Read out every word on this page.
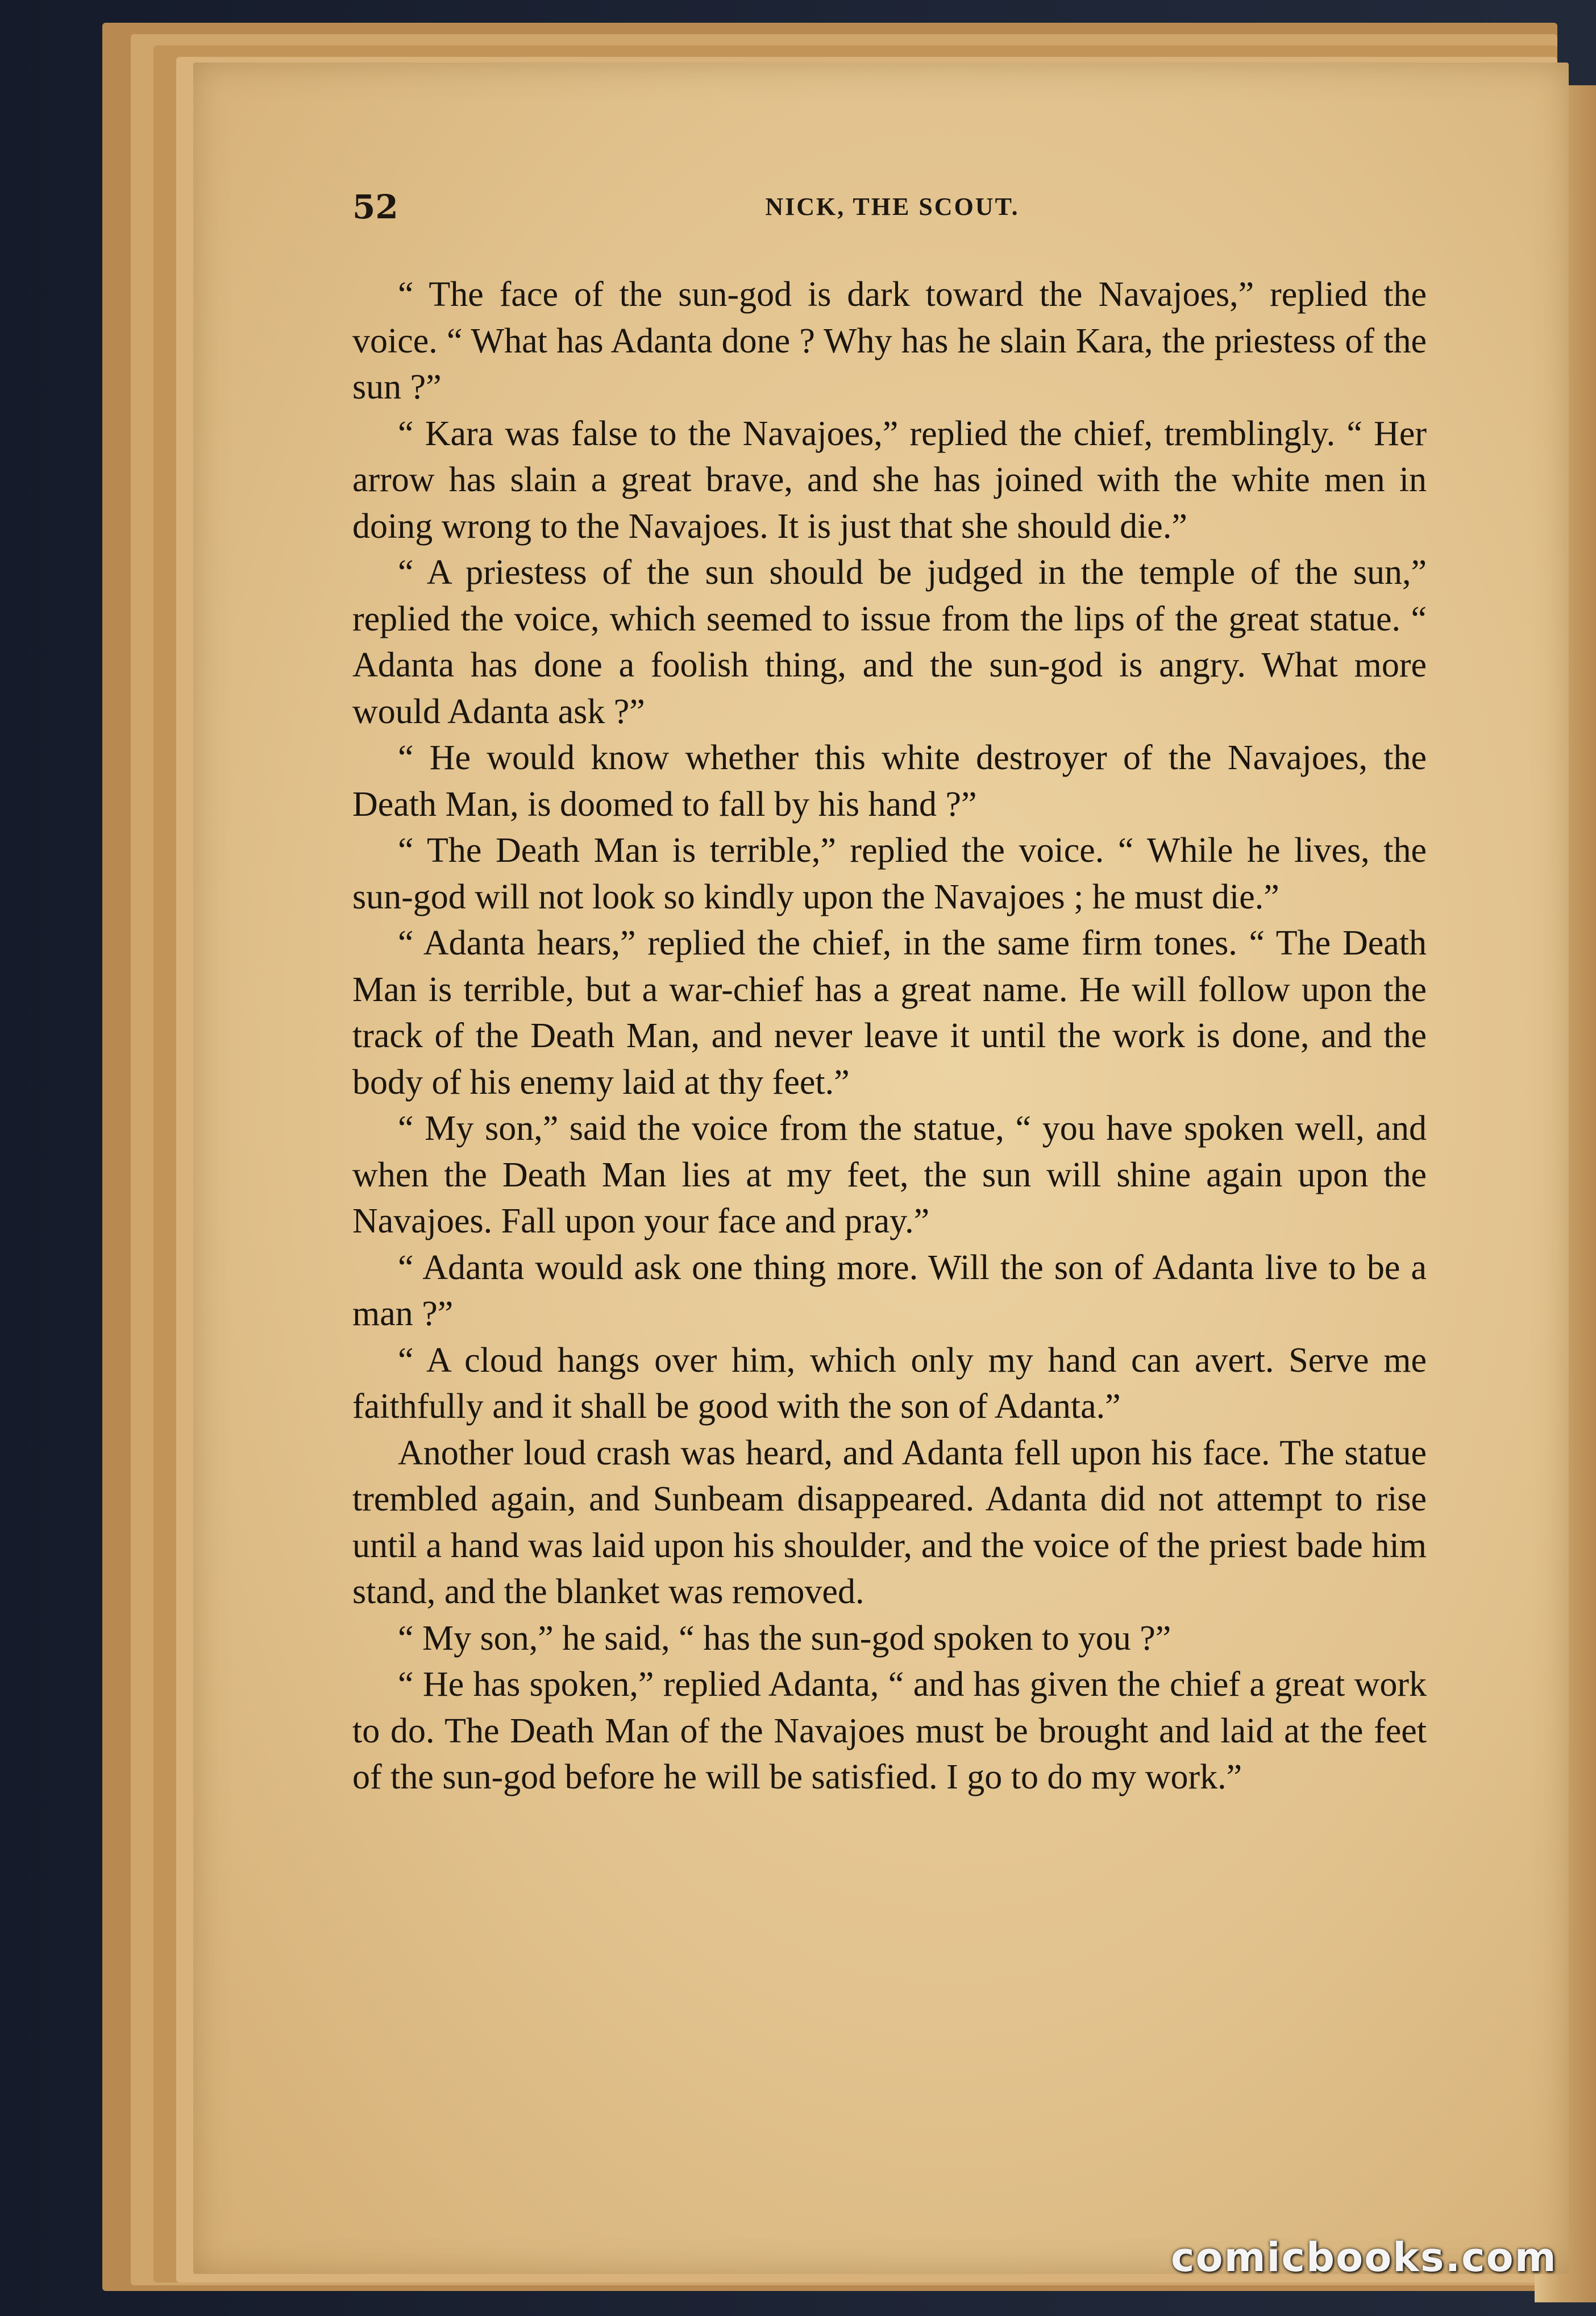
52	NICK, THE SCOUT.

“ The face of the sun-god is dark toward the Navajoes,” replied the voice. “ What has Adanta done ? Why has he slain Kara, the priestess of the sun ?”

“ Kara was false to the Navajoes,” replied the chief, tremblingly. “ Her arrow has slain a great brave, and she has joined with the white men in doing wrong to the Navajoes. It is just that she should die.”

“ A priestess of the sun should be judged in the temple of the sun,” replied the voice, which seemed to issue from the lips of the great statue. “ Adanta has done a foolish thing, and the sun-god is angry. What more would Adanta ask ?”

“ He would know whether this white destroyer of the Navajoes, the Death Man, is doomed to fall by his hand ?”

“ The Death Man is terrible,” replied the voice. “ While he lives, the sun-god will not look so kindly upon the Navajoes ; he must die.”

“ Adanta hears,” replied the chief, in the same firm tones. “ The Death Man is terrible, but a war-chief has a great name. He will follow upon the track of the Death Man, and never leave it until the work is done, and the body of his enemy laid at thy feet.”

“ My son,” said the voice from the statue, “ you have spoken well, and when the Death Man lies at my feet, the sun will shine again upon the Navajoes. Fall upon your face and pray.”

“ Adanta would ask one thing more. Will the son of Adanta live to be a man ?”

“ A cloud hangs over him, which only my hand can avert. Serve me faithfully and it shall be good with the son of Adanta.”

Another loud crash was heard, and Adanta fell upon his face. The statue trembled again, and Sunbeam disappeared. Adanta did not attempt to rise until a hand was laid upon his shoulder, and the voice of the priest bade him stand, and the blanket was removed.

“ My son,” he said, “ has the sun-god spoken to you ?”

“ He has spoken,” replied Adanta, “ and has given the chief a great work to do. The Death Man of the Navajoes must be brought and laid at the feet of the sun-god before he will be satisfied. I go to do my work.”

comicbooks.com
